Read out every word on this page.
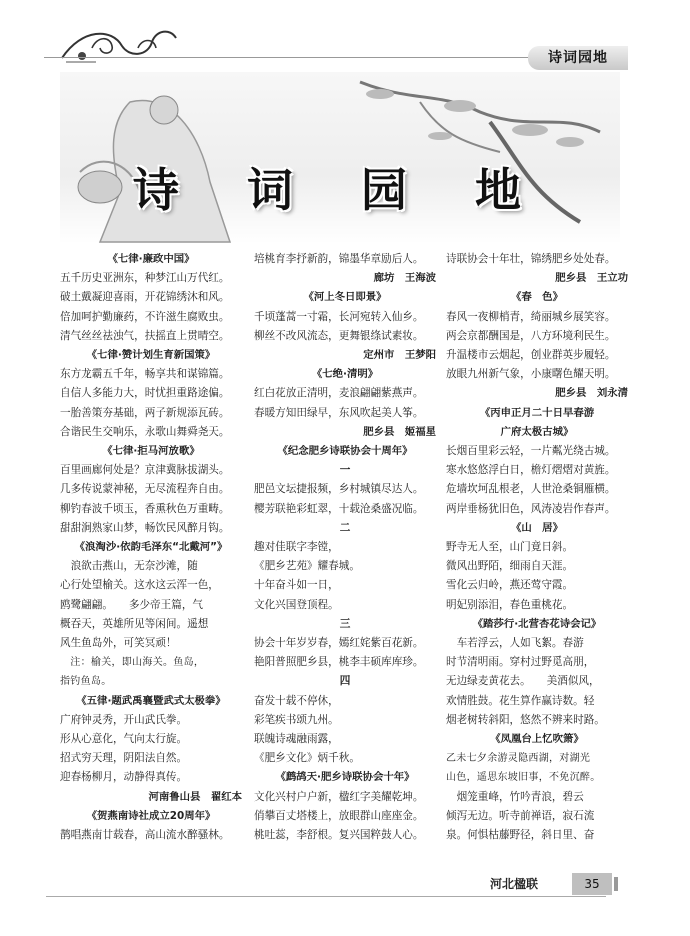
诗词园地
诗 词 园 地
《七律·廉政中国》
五千历史亚洲东，种梦江山万代红。
破土戴凝迎喜雨，开花锦绣沐和风。
倍加呵护勤廉药，不许滋生腐败虫。
清气丝丝祛浊气，扶摇直上贯晴空。
《七律·赞计划生育新国策》
东方龙霸五千年，畅享共和谋锦篇。
自信人多能力大，时忧担重路途偏。
一胎善策夯基础，两子新规添瓦砖。
合谐民生交响乐，永歌山舞舜尧天。
《七律·拒马河放歌》
百里画廊何处是？京津冀脉拔湖头。
几多传说蒙神秘，无尽流程奔自由。
柳钓春波千顷玉，香熏秋色万重畴。
甜甜涧熟家山梦，畅饮民风醉月钩。
《浪淘沙·依韵毛泽东“北戴河”》
　浪欲击燕山，无奈沙滩，随
心行处望榆关。这水这云浑一色，
鸥鹭翩翩。　　多少帝王篇，气
概吞天，英雄所见等闲间。遥想
风生鱼岛外，可笑冥顽！
　注：榆关，即山海关。鱼岛，
指钓鱼岛。
《五律·题武禹襄暨武式太极拳》
广府钟灵秀，开山武氏拳。
形从心意化，气向太行旋。
招式穷天理，阴阳法自然。
迎春杨柳月，动静得真传。
河南鲁山县　翟红本
《贺燕南诗社成立20周年》
鹊唱燕南廿载春，高山流水醉骚林。
培桃育李抒新韵，锦墨华章励后人。
廊坊　王海波
《河上冬日即景》
千顷蓬蒿一寸霜，长河宛转入仙乡。
柳丝不改风流态，更舞银绦试素妆。
定州市　王梦阳
《七绝·清明》
红白花放正清明，麦浪翩翩紫燕声。
春暖方知田绿早，东风吹起美人筝。
肥乡县　姬福星
《纪念肥乡诗联协会十周年》
一
肥邑文坛捷报频，乡村城镇尽达人。
樱芳联艳彩虹翠，十载沧桑盛况临。
二
趣对佳联字李镗，
《肥乡艺苑》耀春城。
十年奋斗如一日，
文化兴国登顶程。
三
协会十年岁岁春，嫣红姹紫百花新。
艳阳普照肥乡县，桃李丰硕库库珍。
四
奋发十载不停休，
彩笔疾书颂九州。
联魄诗魂融雨露，
《肥乡文化》炳千秋。
《鹧鸪天·肥乡诗联协会十年》
文化兴村户户新，楹红字美耀乾坤。
俏攀百丈塔楼上，放眼群山座座金。
桃吐蕊，李舒根。复兴国粹鼓人心。
诗联协会十年壮，锦绣肥乡处处春。
肥乡县　王立功
《春　色》
春风一夜柳梢青，绮丽城乡展笑容。
两会京都酬国是，八方环境利民生。
升温楼市云烟起，创业群英步履轻。
放眼九州新气象，小康曙色耀天明。
肥乡县　刘永清
《丙申正月二十日早春游
广府太极古城》
长烟百里彩云轻，一片粼光绕古城。
寒水悠悠浮白日，檐灯熠熠对黄旌。
危墙坎坷乱根老，人世沧桑铜雁横。
两岸垂杨犹旧色，风涛凌岩作春声。
《山　居》
野寺无人至，山门竟日斜。
微风出野陌，细雨自天涯。
雪化云归岭，燕还莺守霞。
明妃别添泪，春色重桃花。
《踏莎行·北营杏花诗会记》
　车若浮云，人如飞絮。春游
时节清明雨。穿村过野觅高朋，
无边绿麦黄花去。　　美酒似风，
欢情胜鼓。花生算作赢诗数。轻
烟老树转斜阳，悠然不辨来时路。
《凤凰台上忆吹箫》
乙未七夕余游灵隐西湖，对湖光
山色，遥思东坡旧事，不免沉醉。
　烟笼重峰，竹吟青浪，碧云
倾泻无边。听寺前禅语，寂石流
泉。何惧枯藤野径，斜日里、奋
河北楹联	35
